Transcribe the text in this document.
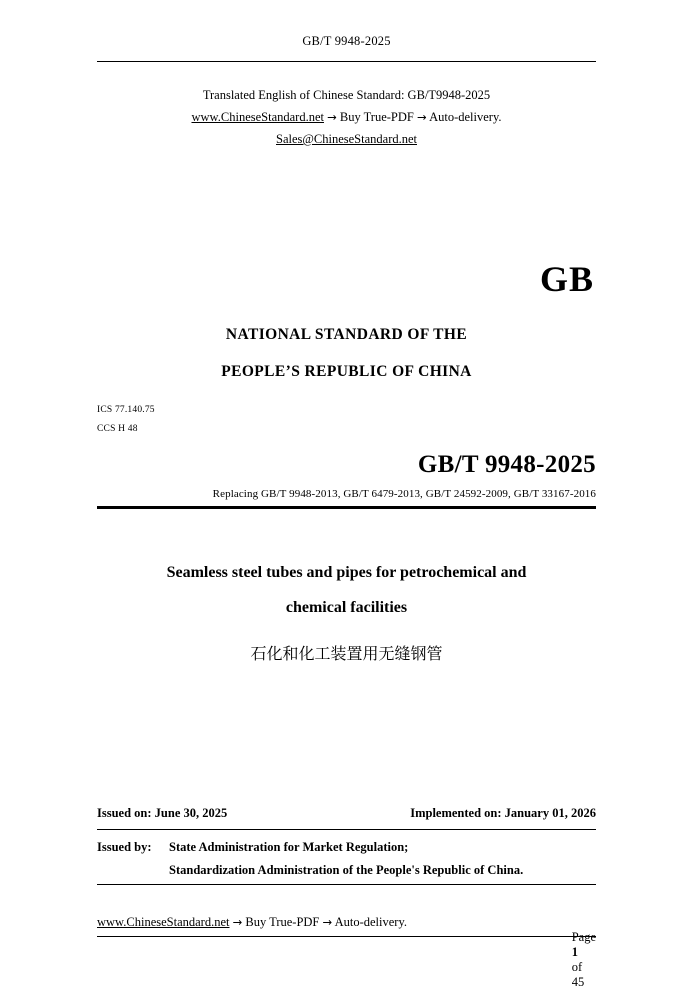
GB/T 9948-2025
Translated English of Chinese Standard: GB/T9948-2025
www.ChineseStandard.net → Buy True-PDF → Auto-delivery.
Sales@ChineseStandard.net
GB
NATIONAL STANDARD OF THE
PEOPLE’S REPUBLIC OF CHINA
ICS 77.140.75
CCS H 48
GB/T 9948-2025
Replacing GB/T 9948-2013, GB/T 6479-2013, GB/T 24592-2009, GB/T 33167-2016
Seamless steel tubes and pipes for petrochemical and
chemical facilities
石化和化工装置用无缝钢管
Issued on: June 30, 2025	Implemented on: January 01, 2026
Issued by: State Administration for Market Regulation;
Standardization Administration of the People's Republic of China.
www.ChineseStandard.net → Buy True-PDF → Auto-delivery.

Page
1
of
45
